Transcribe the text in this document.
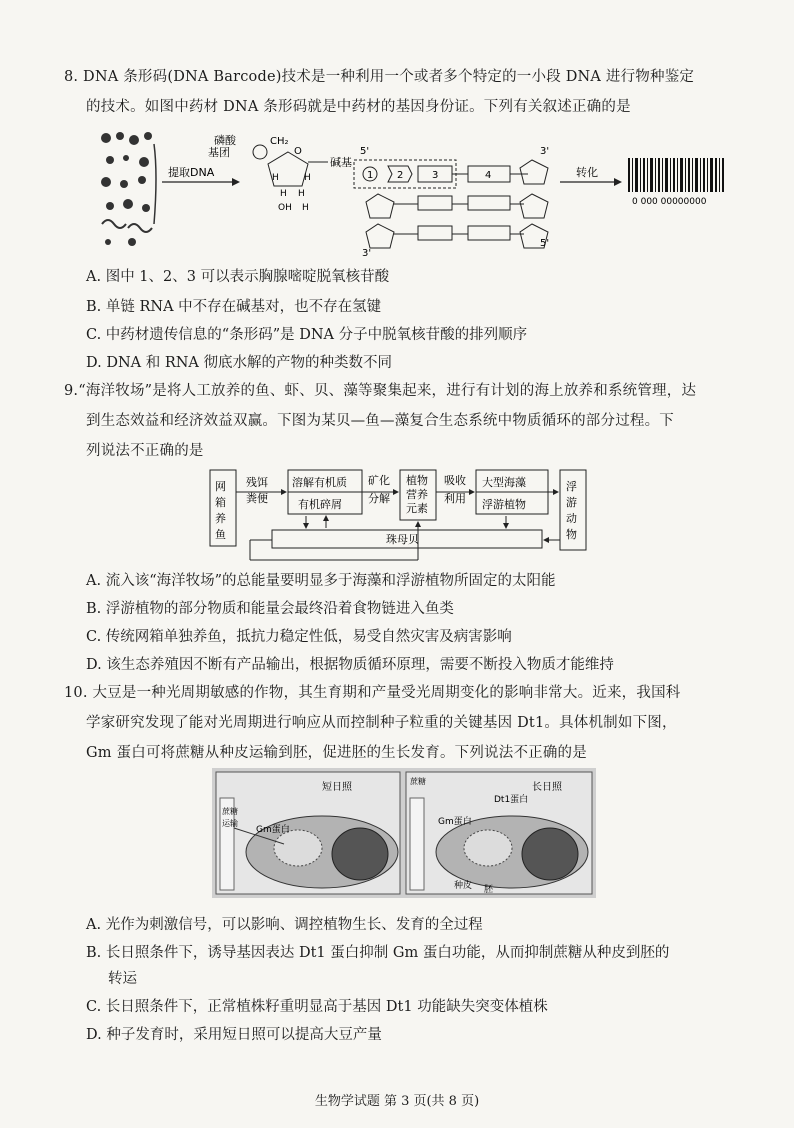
8. DNA 条形码(DNA Barcode)技术是一种利用一个或者多个特定的一小段 DNA 进行物种鉴定
的技术。如图中药材 DNA 条形码就是中药材的基因身份证。下列有关叙述正确的是
提取DNA
磷酸
基团
CH₂
O
H H
H	H
OH H
碱基
5'
1 2	3	4
3'
3'
5'
转化
0 000 00000000
A. 图中 1、2、3 可以表示胸腺嘧啶脱氧核苷酸
B. 单链 RNA 中不存在碱基对，也不存在氢键
C. 中药材遗传信息的“条形码”是 DNA 分子中脱氧核苷酸的排列顺序
D. DNA 和 RNA 彻底水解的产物的种类数不同
9.“海洋牧场”是将人工放养的鱼、虾、贝、藻等聚集起来，进行有计划的海上放养和系统管理，达
到生态效益和经济效益双赢。下图为某贝—鱼—藻复合生态系统中物质循环的部分过程。下
列说法不正确的是
网
箱
养
鱼
残饵
粪便
溶解有机质
有机碎屑
矿化
分解
植物
营养
元素
吸收
利用
大型海藻
浮游植物
浮
游
动
物
珠母贝
A. 流入该“海洋牧场”的总能量要明显多于海藻和浮游植物所固定的太阳能
B. 浮游植物的部分物质和能量会最终沿着食物链进入鱼类
C. 传统网箱单独养鱼，抵抗力稳定性低，易受自然灾害及病害影响
D. 该生态养殖因不断有产品输出，根据物质循环原理，需要不断投入物质才能维持
10. 大豆是一种光周期敏感的作物，其生育期和产量受光周期变化的影响非常大。近来，我国科
学家研究发现了能对光周期进行响应从而控制种子粒重的关键基因 Dt1。具体机制如下图，
Gm 蛋白可将蔗糖从种皮运输到胚，促进胚的生长发育。下列说法不正确的是
短日照
蔗糖
运输
Gm蛋白
长日照
蔗糖
Dt1蛋白
Gm蛋白
种皮 胚
A. 光作为刺激信号，可以影响、调控植物生长、发育的全过程
B. 长日照条件下，诱导基因表达 Dt1 蛋白抑制 Gm 蛋白功能，从而抑制蔗糖从种皮到胚的
转运
C. 长日照条件下，正常植株籽重明显高于基因 Dt1 功能缺失突变体植株
D. 种子发育时，采用短日照可以提高大豆产量
生物学试题 第 3 页(共 8 页)
